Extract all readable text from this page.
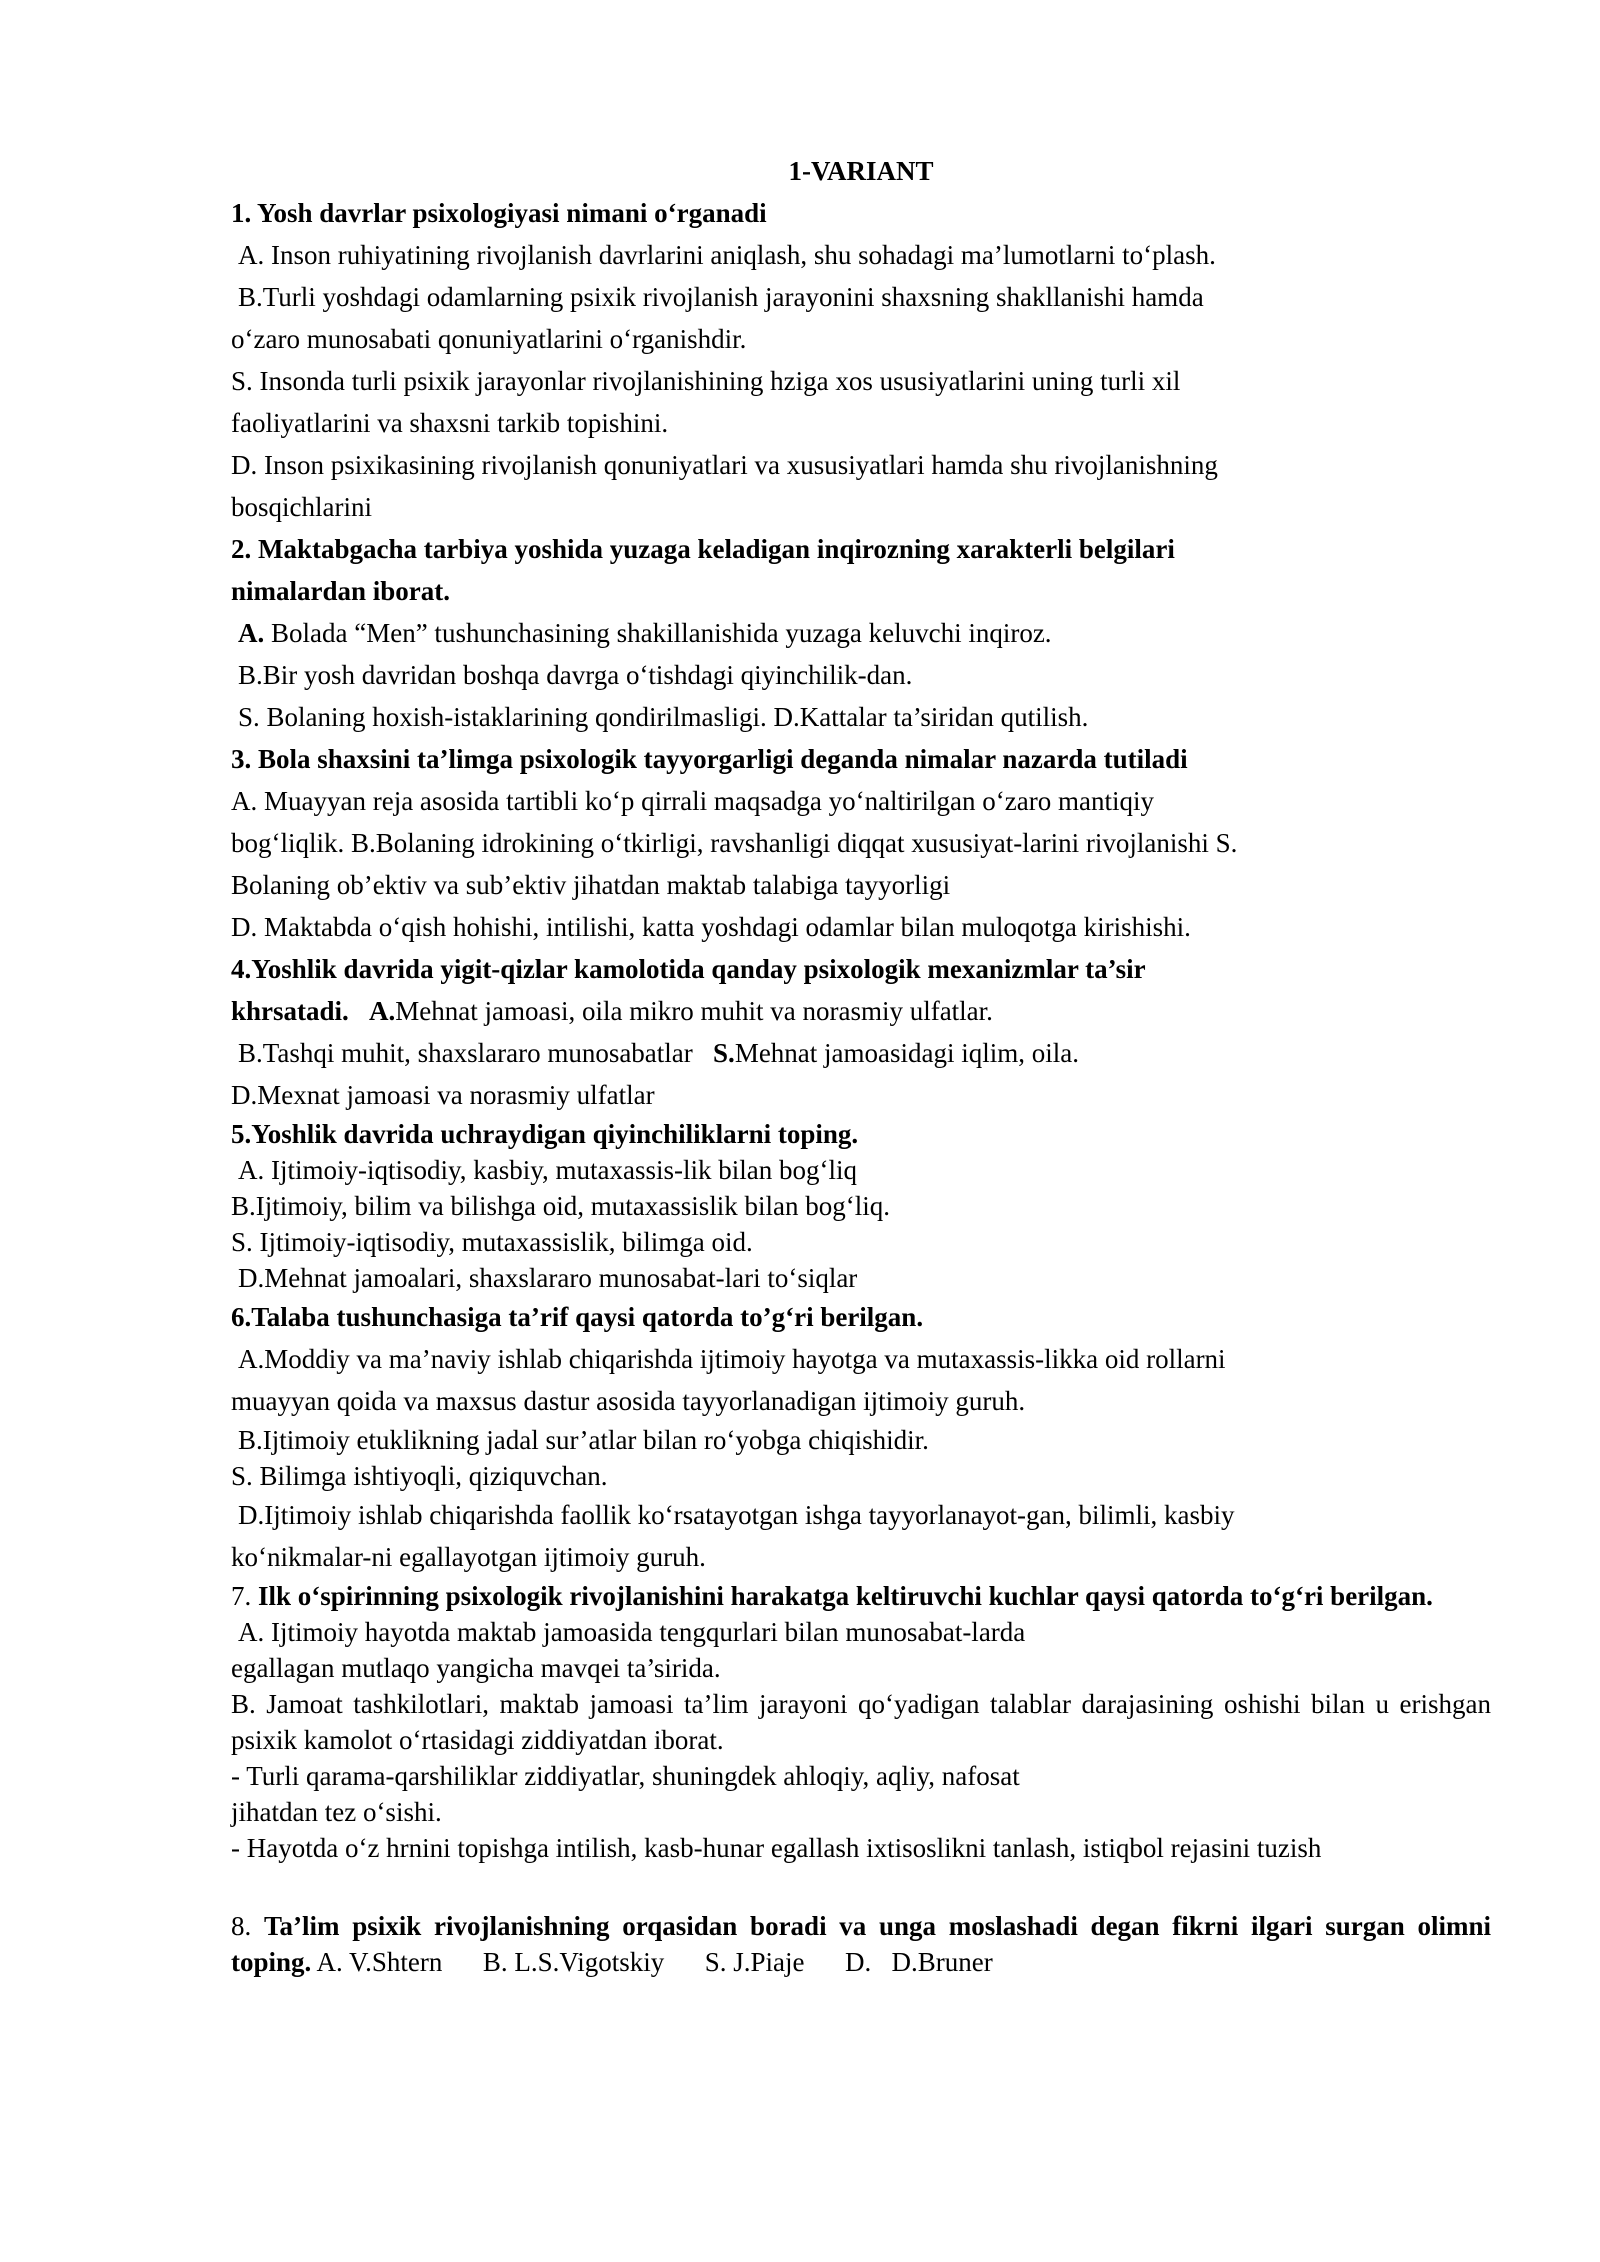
1-VARIANT
1. Yosh davrlar psixologiyasi nimani o‘rganadi
A. Inson ruhiyatining rivojlanish davrlarini aniqlash, shu sohadagi ma’lumotlarni to‘plash.
B.Turli yoshdagi odamlarning psixik rivojlanish jarayonini shaxsning shakllanishi hamda
o‘zaro munosabati qonuniyatlarini o‘rganishdir.
S. Insonda turli psixik jarayonlar rivojlanishining hziga xos ususiyatlarini uning turli xil
faoliyatlarini va shaxsni tarkib topishini.
D. Inson psixikasining rivojlanish qonuniyatlari va xususiyatlari hamda shu rivojlanishning
bosqichlarini
2. Maktabgacha tarbiya yoshida yuzaga keladigan inqirozning xarakterli belgilari
nimalardan iborat.
A. Bolada “Men” tushunchasining shakillanishida yuzaga keluvchi inqiroz.
B.Bir yosh davridan boshqa davrga o‘tishdagi qiyinchilik-dan.
S. Bolaning hoxish-istaklarining qondirilmasligi. D.Kattalar ta’siridan qutilish.
3. Bola shaxsini ta’limga psixologik tayyorgarligi deganda nimalar nazarda tutiladi
A. Muayyan reja asosida tartibli ko‘p qirrali maqsadga yo‘naltirilgan o‘zaro mantiqiy
bog‘liqlik. B.Bolaning idrokining o‘tkirligi, ravshanligi diqqat xususiyat-larini rivojlanishi S.
Bolaning ob’ektiv va sub’ektiv jihatdan maktab talabiga tayyorligi
D. Maktabda o‘qish hohishi, intilishi, katta yoshdagi odamlar bilan muloqotga kirishishi.
4.Yoshlik davrida yigit-qizlar kamolotida qanday psixologik mexanizmlar ta’sir
khrsatadi. A.Mehnat jamoasi, oila mikro muhit va norasmiy ulfatlar.
B.Tashqi muhit, shaxslararo munosabatlar S.Mehnat jamoasidagi iqlim, oila.
D.Mexnat jamoasi va norasmiy ulfatlar
5.Yoshlik davrida uchraydigan qiyinchiliklarni toping.
A. Ijtimoiy-iqtisodiy, kasbiy, mutaxassis-lik bilan bog‘liq
B.Ijtimoiy, bilim va bilishga oid, mutaxassislik bilan bog‘liq.
S. Ijtimoiy-iqtisodiy, mutaxassislik, bilimga oid.
D.Mehnat jamoalari, shaxslararo munosabat-lari to‘siqlar
6.Talaba tushunchasiga ta’rif qaysi qatorda to’g‘ri berilgan.
A.Moddiy va ma’naviy ishlab chiqarishda ijtimoiy hayotga va mutaxassis-likka oid rollarni
muayyan qoida va maxsus dastur asosida tayyorlanadigan ijtimoiy guruh.
B.Ijtimoiy etuklikning jadal sur’atlar bilan ro‘yobga chiqishidir.
S. Bilimga ishtiyoqli, qiziquvchan.
D.Ijtimoiy ishlab chiqarishda faollik ko‘rsatayotgan ishga tayyorlanayot-gan, bilimli, kasbiy
ko‘nikmalar-ni egallayotgan ijtimoiy guruh.
7. Ilk o‘spirinning psixologik rivojlanishini harakatga keltiruvchi kuchlar qaysi qatorda to‘g‘ri berilgan.
A. Ijtimoiy hayotda maktab jamoasida tengqurlari bilan munosabat-larda
egallagan mutlaqo yangicha mavqei ta’sirida.
B. Jamoat tashkilotlari, maktab jamoasi ta’lim jarayoni qo‘yadigan talablar darajasining oshishi bilan u erishgan psixik kamolot o‘rtasidagi ziddiyatdan iborat.
- Turli qarama-qarshiliklar ziddiyatlar, shuningdek ahloqiy, aqliy, nafosat
jihatdan tez o‘sishi.
- Hayotda o‘z hrnini topishga intilish, kasb-hunar egallash ixtisoslikni tanlash, istiqbol rejasini tuzish
8. Ta’lim psixik rivojlanishning orqasidan boradi va unga moslashadi degan fikrni ilgari surgan olimni toping. A. V.Shtern      B. L.S.Vigotskiy      S. J.Piaje      D.   D.Bruner
